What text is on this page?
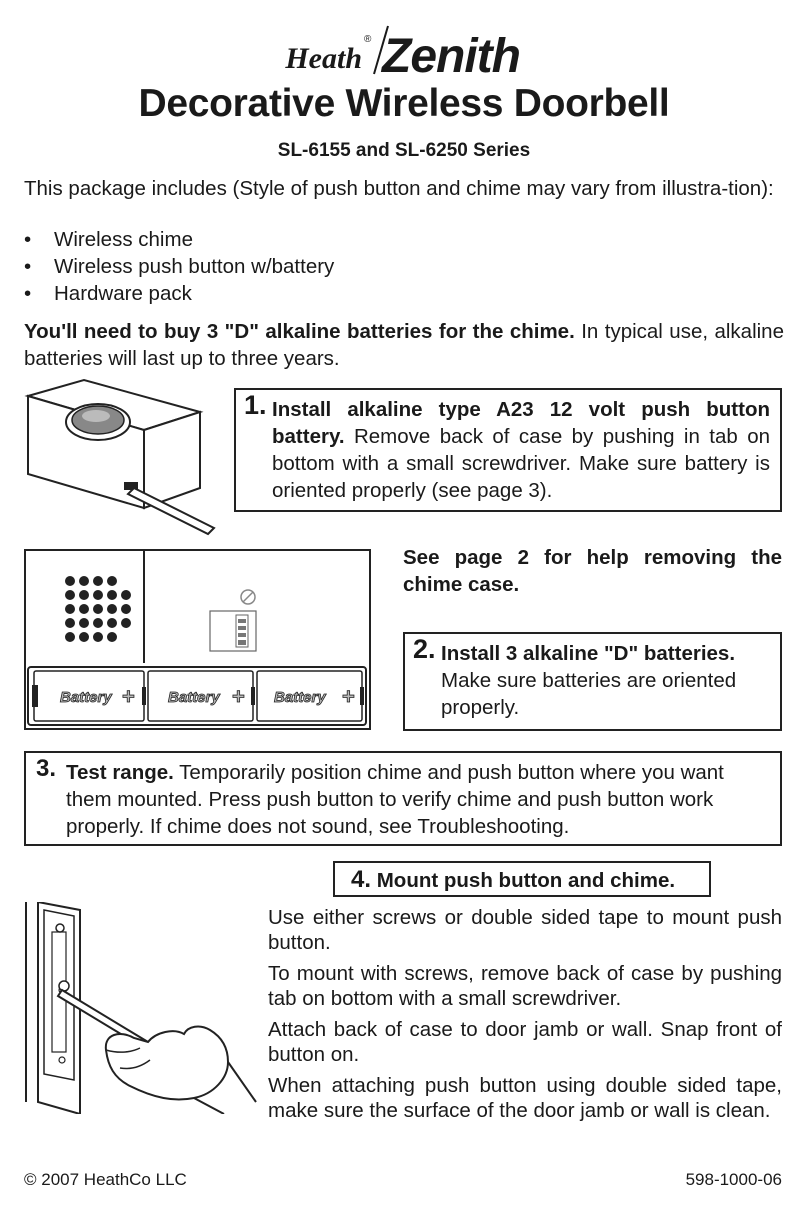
Heath
® Zenith
Decorative Wireless Doorbell
SL-6155 and SL-6250 Series
This package includes (Style of push button and chime may vary from illustra-tion):
• Wireless chime
• Wireless push button w/battery
• Hardware pack
You'll need to buy 3 "D" alkaline batteries for the chime. In typical use, alkaline batteries will last up to three years.
1. Install alkaline type A23 12 volt push button battery. Remove back of case by pushing in tab on bottom with a small screwdriver. Make sure battery is oriented properly (see page 3).
Battery	Battery	Battery
+	+	+
See page 2 for help removing the chime case.
2. Install 3 alkaline "D" batteries. Make sure batteries are oriented properly.
3. Test range. Temporarily position chime and push button where you want them mounted. Press push button to verify chime and push button work properly. If chime does not sound, see Troubleshooting.
4. Mount push button and chime.

Use either screws or double sided tape to mount push button.

To mount with screws, remove back of case by pushing tab on bottom with a small screwdriver.

Attach back of case to door jamb or wall. Snap front of button on.

When attaching push button using double sided tape, make sure the surface of the door jamb or wall is clean.

© 2007 HeathCo LLC	598-1000-06
